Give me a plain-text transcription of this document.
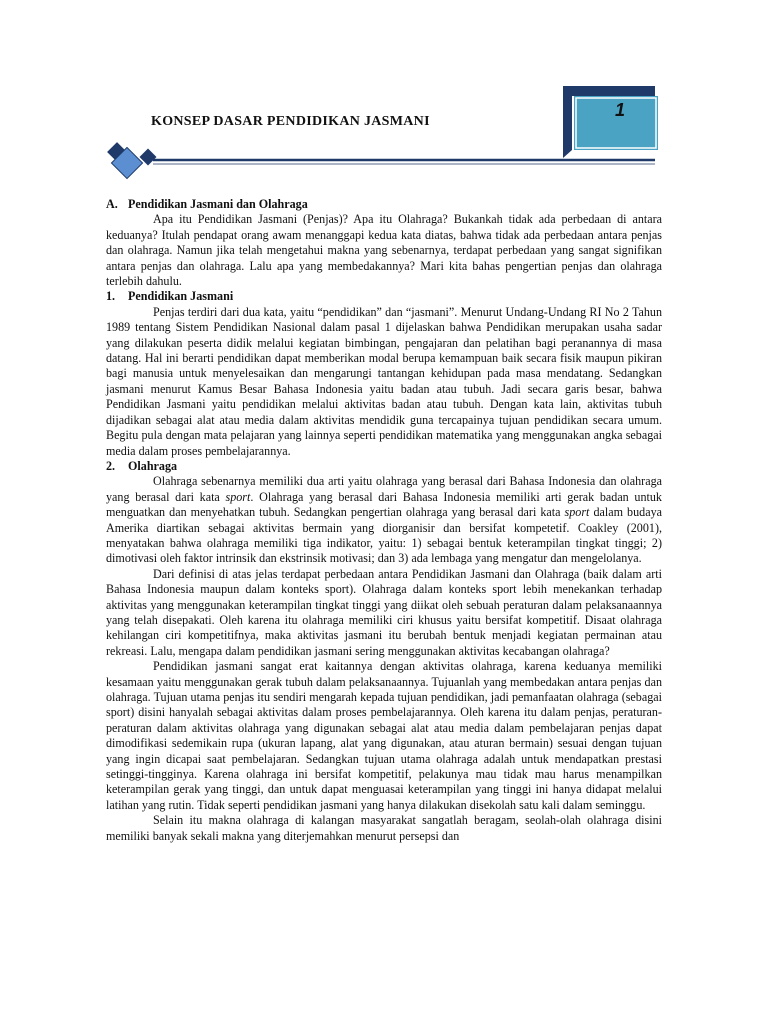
KONSEP DASAR PENDIDIKAN JASMANI
1
A. Pendidikan Jasmani dan Olahraga

Apa itu Pendidikan Jasmani (Penjas)? Apa itu Olahraga? Bukankah tidak ada perbedaan di antara keduanya? Itulah pendapat orang awam menanggapi kedua kata diatas, bahwa tidak ada perbedaan antara penjas dan olahraga. Namun jika telah mengetahui makna yang sebenarnya, terdapat perbedaan yang sangat signifikan antara penjas dan olahraga. Lalu apa yang membedakannya? Mari kita bahas pengertian penjas dan olahraga terlebih dahulu.

1. Pendidikan Jasmani

Penjas terdiri dari dua kata, yaitu “pendidikan” dan “jasmani”. Menurut Undang-Undang RI No 2 Tahun 1989 tentang Sistem Pendidikan Nasional dalam pasal 1 dijelaskan bahwa Pendidikan merupakan usaha sadar yang dilakukan peserta didik melalui kegiatan bimbingan, pengajaran dan pelatihan bagi peranannya di masa datang. Hal ini berarti pendidikan dapat memberikan modal berupa kemampuan baik secara fisik maupun pikiran bagi manusia untuk menyelesaikan dan mengarungi tantangan kehidupan pada masa mendatang. Sedangkan jasmani menurut Kamus Besar Bahasa Indonesia yaitu badan atau tubuh. Jadi secara garis besar, bahwa Pendidikan Jasmani yaitu pendidikan melalui aktivitas badan atau tubuh. Dengan kata lain, aktivitas tubuh dijadikan sebagai alat atau media dalam aktivitas mendidik guna tercapainya tujuan pendidikan secara umum. Begitu pula dengan mata pelajaran yang lainnya seperti pendidikan matematika yang menggunakan angka sebagai media dalam proses pembelajarannya.

2. Olahraga

Olahraga sebenarnya memiliki dua arti yaitu olahraga yang berasal dari Bahasa Indonesia dan olahraga yang berasal dari kata sport. Olahraga yang berasal dari Bahasa Indonesia memiliki arti gerak badan untuk menguatkan dan menyehatkan tubuh. Sedangkan pengertian olahraga yang berasal dari kata sport dalam budaya Amerika diartikan sebagai aktivitas bermain yang diorganisir dan bersifat kompetetif. Coakley (2001), menyatakan bahwa olahraga memiliki tiga indikator, yaitu: 1) sebagai bentuk keterampilan tingkat tinggi; 2) dimotivasi oleh faktor intrinsik dan ekstrinsik motivasi; dan 3) ada lembaga yang mengatur dan mengelolanya.

Dari definisi di atas jelas terdapat perbedaan antara Pendidikan Jasmani dan Olahraga (baik dalam arti Bahasa Indonesia maupun dalam konteks sport). Olahraga dalam konteks sport lebih menekankan terhadap aktivitas yang menggunakan keterampilan tingkat tinggi yang diikat oleh sebuah peraturan dalam pelaksanaannya yang telah disepakati. Oleh karena itu olahraga memiliki ciri khusus yaitu bersifat kompetitif. Disaat olahraga kehilangan ciri kompetitifnya, maka aktivitas jasmani itu berubah bentuk menjadi kegiatan permainan atau rekreasi. Lalu, mengapa dalam pendidikan jasmani sering menggunakan aktivitas kecabangan olahraga?

Pendidikan jasmani sangat erat kaitannya dengan aktivitas olahraga, karena keduanya memiliki kesamaan yaitu menggunakan gerak tubuh dalam pelaksanaannya. Tujuanlah yang membedakan antara penjas dan olahraga. Tujuan utama penjas itu sendiri mengarah kepada tujuan pendidikan, jadi pemanfaatan olahraga (sebagai sport) disini hanyalah sebagai aktivitas dalam proses pembelajarannya. Oleh karena itu dalam penjas, peraturan-peraturan dalam aktivitas olahraga yang digunakan sebagai alat atau media dalam pembelajaran penjas dapat dimodifikasi sedemikain rupa (ukuran lapang, alat yang digunakan, atau aturan bermain) sesuai dengan tujuan yang ingin dicapai saat pembelajaran. Sedangkan tujuan utama olahraga adalah untuk mendapatkan prestasi setinggi-tingginya. Karena olahraga ini bersifat kompetitif, pelakunya mau tidak mau harus menampilkan keterampilan gerak yang tinggi, dan untuk dapat menguasai keterampilan yang tinggi ini hanya didapat melalui latihan yang rutin. Tidak seperti pendidikan jasmani yang hanya dilakukan disekolah satu kali dalam seminggu.

Selain itu makna olahraga di kalangan masyarakat sangatlah beragam, seolah-olah olahraga disini memiliki banyak sekali makna yang diterjemahkan menurut persepsi dan
